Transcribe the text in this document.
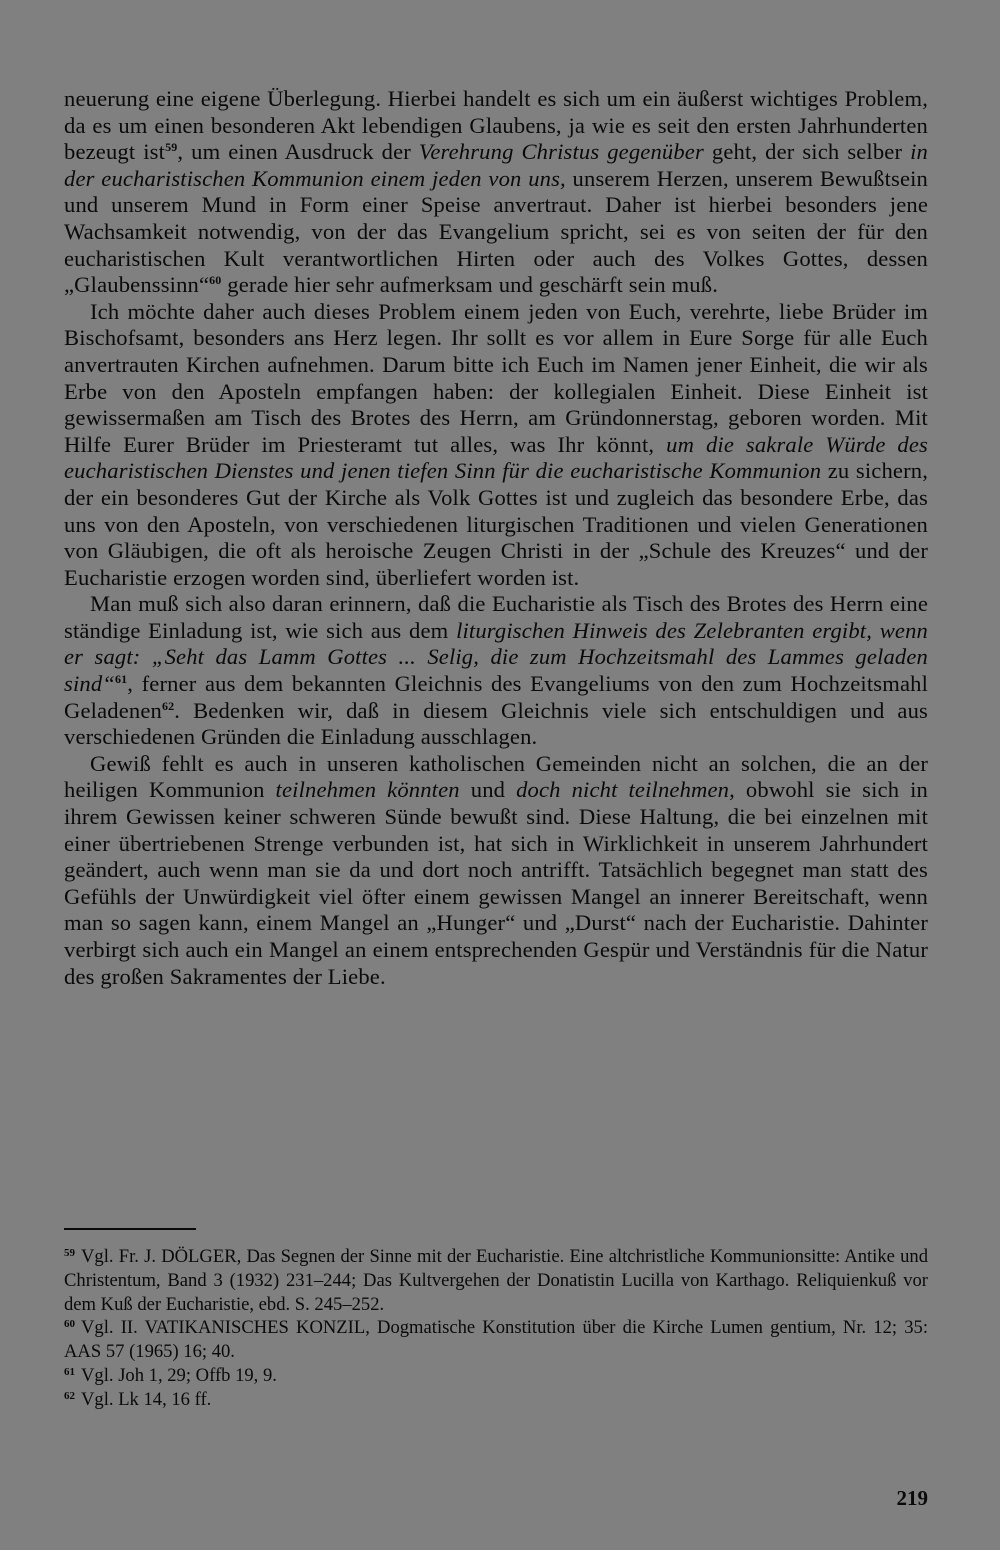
neuerung eine eigene Überlegung. Hierbei handelt es sich um ein äußerst wichtiges Problem, da es um einen besonderen Akt lebendigen Glaubens, ja wie es seit den ersten Jahrhunderten bezeugt ist$^{59}$, um einen Ausdruck der Verehrung Christus gegenüber geht, der sich selber in der eucharistischen Kommunion einem jeden von uns, unserem Herzen, unserem Bewußtsein und unserem Mund in Form einer Speise anvertraut. Daher ist hierbei besonders jene Wachsamkeit notwendig, von der das Evangelium spricht, sei es von seiten der für den eucharistischen Kult verantwortlichen Hirten oder auch des Volkes Gottes, dessen „Glaubenssinn“$^{60}$ gerade hier sehr aufmerksam und geschärft sein muß.

Ich möchte daher auch dieses Problem einem jeden von Euch, verehrte, liebe Brüder im Bischofsamt, besonders ans Herz legen. Ihr sollt es vor allem in Eure Sorge für alle Euch anvertrauten Kirchen aufnehmen. Darum bitte ich Euch im Namen jener Einheit, die wir als Erbe von den Aposteln empfangen haben: der kollegialen Einheit. Diese Einheit ist gewissermaßen am Tisch des Brotes des Herrn, am Gründonnerstag, geboren worden. Mit Hilfe Eurer Brüder im Priesteramt tut alles, was Ihr könnt, um die sakrale Würde des eucharistischen Dienstes und jenen tiefen Sinn für die eucharistische Kommunion zu sichern, der ein besonderes Gut der Kirche als Volk Gottes ist und zugleich das besondere Erbe, das uns von den Aposteln, von verschiedenen liturgischen Traditionen und vielen Generationen von Gläubigen, die oft als heroische Zeugen Christi in der „Schule des Kreuzes“ und der Eucharistie erzogen worden sind, überliefert worden ist.

Man muß sich also daran erinnern, daß die Eucharistie als Tisch des Brotes des Herrn eine ständige Einladung ist, wie sich aus dem liturgischen Hinweis des Zelebranten ergibt, wenn er sagt: „Seht das Lamm Gottes ... Selig, die zum Hochzeitsmahl des Lammes geladen sind“$^{61}$, ferner aus dem bekannten Gleichnis des Evangeliums von den zum Hochzeitsmahl Geladenen$^{62}$. Bedenken wir, daß in diesem Gleichnis viele sich entschuldigen und aus verschiedenen Gründen die Einladung ausschlagen.

Gewiß fehlt es auch in unseren katholischen Gemeinden nicht an solchen, die an der heiligen Kommunion teilnehmen könnten und doch nicht teilnehmen, obwohl sie sich in ihrem Gewissen keiner schweren Sünde bewußt sind. Diese Haltung, die bei einzelnen mit einer übertriebenen Strenge verbunden ist, hat sich in Wirklichkeit in unserem Jahrhundert geändert, auch wenn man sie da und dort noch antrifft. Tatsächlich begegnet man statt des Gefühls der Unwürdigkeit viel öfter einem gewissen Mangel an innerer Bereitschaft, wenn man so sagen kann, einem Mangel an „Hunger“ und „Durst“ nach der Eucharistie. Dahinter verbirgt sich auch ein Mangel an einem entsprechenden Gespür und Verständnis für die Natur des großen Sakramentes der Liebe.

$^{59}$ Vgl. Fr. J. DÖLGER, Das Segnen der Sinne mit der Eucharistie. Eine altchristliche Kommunionsitte: Antike und Christentum, Band 3 (1932) 231–244; Das Kultvergehen der Donatistin Lucilla von Karthago. Reliquienkuß vor dem Kuß der Eucharistie, ebd. S. 245–252.

$^{60}$ Vgl. II. VATIKANISCHES KONZIL, Dogmatische Konstitution über die Kirche Lumen gentium, Nr. 12; 35: AAS 57 (1965) 16; 40.

$^{61}$ Vgl. Joh 1, 29; Offb 19, 9.

$^{62}$ Vgl. Lk 14, 16 ff.

219
